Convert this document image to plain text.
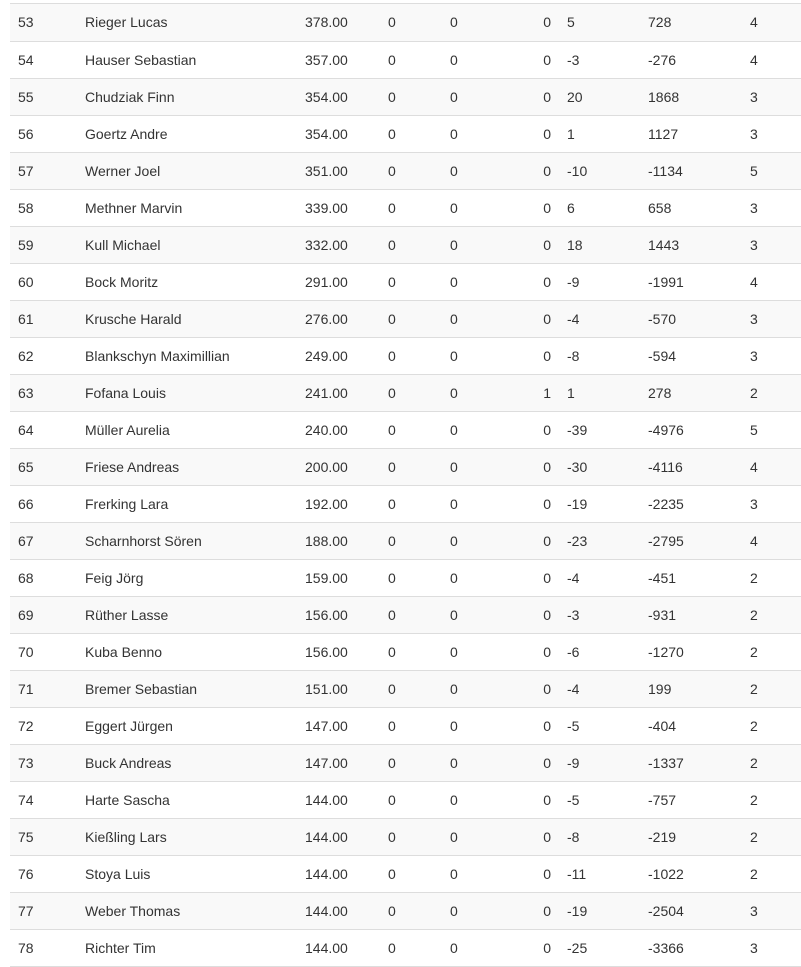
53	Rieger Lucas	378.00	0	0	0	5	728	4
54	Hauser Sebastian	357.00	0	0	0	-3	-276	4
55	Chudziak Finn	354.00	0	0	0	20	1868	3
56	Goertz Andre	354.00	0	0	0	1	1127	3
57	Werner Joel	351.00	0	0	0	-10	-1134	5
58	Methner Marvin	339.00	0	0	0	6	658	3
59	Kull Michael	332.00	0	0	0	18	1443	3
60	Bock Moritz	291.00	0	0	0	-9	-1991	4
61	Krusche Harald	276.00	0	0	0	-4	-570	3
62	Blankschyn Maximillian	249.00	0	0	0	-8	-594	3
63	Fofana Louis	241.00	0	0	1	1	278	2
64	Müller Aurelia	240.00	0	0	0	-39	-4976	5
65	Friese Andreas	200.00	0	0	0	-30	-4116	4
66	Frerking Lara	192.00	0	0	0	-19	-2235	3
67	Scharnhorst Sören	188.00	0	0	0	-23	-2795	4
68	Feig Jörg	159.00	0	0	0	-4	-451	2
69	Rüther Lasse	156.00	0	0	0	-3	-931	2
70	Kuba Benno	156.00	0	0	0	-6	-1270	2
71	Bremer Sebastian	151.00	0	0	0	-4	199	2
72	Eggert Jürgen	147.00	0	0	0	-5	-404	2
73	Buck Andreas	147.00	0	0	0	-9	-1337	2
74	Harte Sascha	144.00	0	0	0	-5	-757	2
75	Kießling Lars	144.00	0	0	0	-8	-219	2
76	Stoya Luis	144.00	0	0	0	-11	-1022	2
77	Weber Thomas	144.00	0	0	0	-19	-2504	3
78	Richter Tim	144.00	0	0	0	-25	-3366	3
